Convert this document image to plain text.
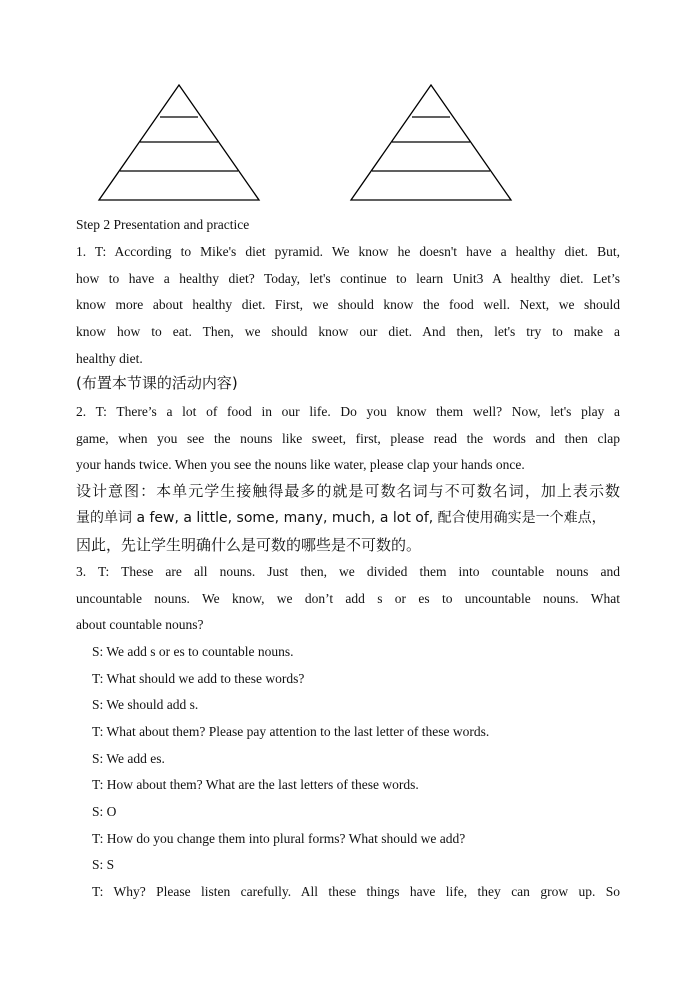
Step 2 Presentation and practice
1. T: According to Mike's diet pyramid. We know he doesn't have a healthy diet. But,
how to have a healthy diet? Today, let's continue to learn Unit3 A healthy diet. Let’s
know more about healthy diet. First, we should know the food well. Next, we should
know how to eat. Then, we should know our diet. And then, let's try to make a
healthy diet.
(布置本节课的活动内容)
2. T: There’s a lot of food in our life. Do you know them well? Now, let's play a
game, when you see the nouns like sweet, first, please read the words and then clap
your hands twice. When you see the nouns like water, please clap your hands once.
设计意图：本单元学生接触得最多的就是可数名词与不可数名词，加上表示数
量的单词 a few, a little, some, many, much, a lot of, 配合使用确实是一个难点，
因此，先让学生明确什么是可数的哪些是不可数的。
3. T: These are all nouns. Just then, we divided them into countable nouns and
uncountable nouns. We know, we don’t add s or es to uncountable nouns. What
about countable nouns?
S: We add s or es to countable nouns.
T: What should we add to these words?
S: We should add s.
T: What about them? Please pay attention to the last letter of these words.
S: We add es.
T: How about them? What are the last letters of these words.
S: O
T: How do you change them into plural forms? What should we add?
S: S
T: Why? Please listen carefully. All these things have life, they can grow up. So
